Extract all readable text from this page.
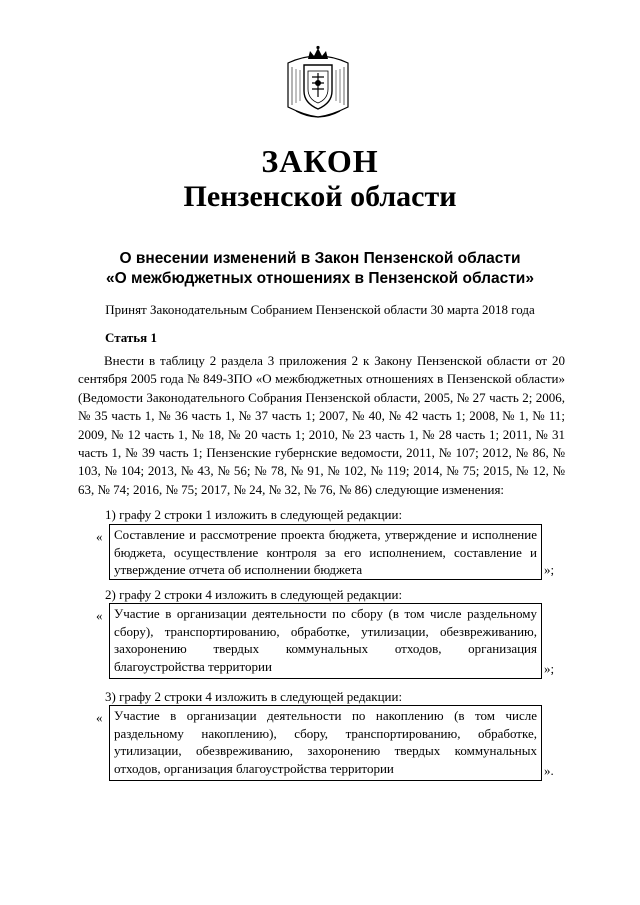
ЗАКОН
Пензенской области
О внесении изменений в Закон Пензенской области
«О межбюджетных отношениях в Пензенской области»
Принят Законодательным Собранием Пензенской области 30 марта 2018 года
Статья 1
Внести в таблицу 2 раздела 3 приложения 2 к Закону Пензенской области от 20 сентября 2005 года № 849-ЗПО «О межбюджетных отношениях в Пензенской области» (Ведомости Законодательного Собрания Пензенской области, 2005, № 27 часть 2; 2006, № 35 часть 1, № 36 часть 1, № 37 часть 1; 2007, № 40, № 42 часть 1; 2008, № 1, № 11; 2009, № 12 часть 1, № 18, № 20 часть 1; 2010, № 23 часть 1, № 28 часть 1; 2011, № 31 часть 1, № 39 часть 1; Пензенские губернские ведомости, 2011, № 107; 2012, № 86, № 103, № 104; 2013, № 43, № 56; № 78, № 91, № 102, № 119; 2014, № 75; 2015, № 12, № 63, № 74; 2016, № 75; 2017, № 24, № 32, № 76, № 86) следующие изменения:
1) графу 2 строки 1 изложить в следующей редакции:
« Составление и рассмотрение проекта бюджета, утверждение и исполнение бюджета, осуществление контроля за его исполнением, составление и утверждение отчета об исполнении бюджета	»;
2) графу 2 строки 4 изложить в следующей редакции:
« Участие в организации деятельности по сбору (в том числе раздельному сбору), транспортированию, обработке, утилизации, обезвреживанию, захоронению твердых коммунальных отходов, организация благоустройства территории	»;
3) графу 2 строки 4 изложить в следующей редакции:
« Участие в организации деятельности по накоплению (в том числе раздельному накоплению), сбору, транспортированию, обработке, утилизации, обезвреживанию, захоронению твердых коммунальных отходов, организация благоустройства территории	».
